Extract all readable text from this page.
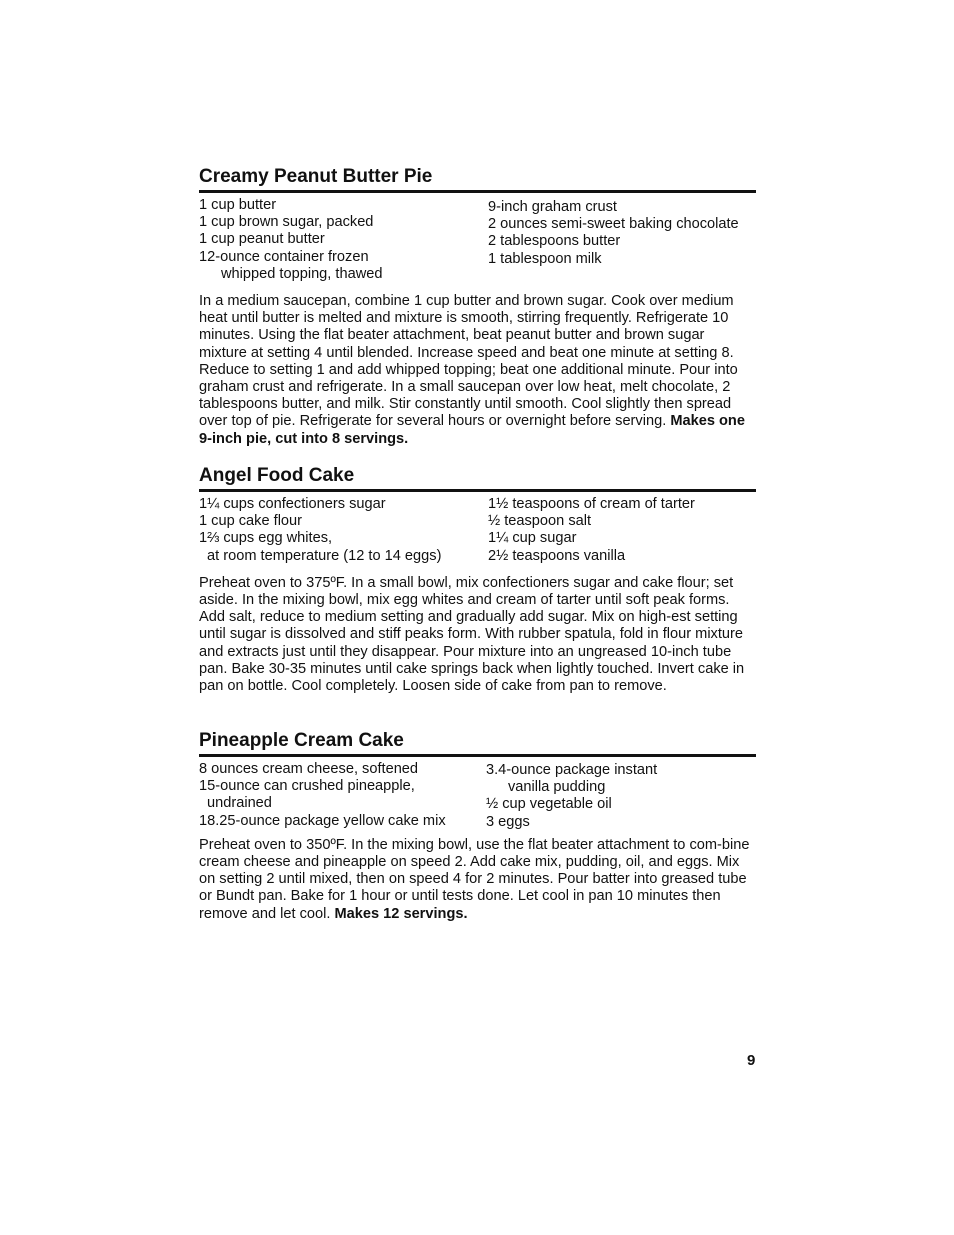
Creamy Peanut Butter Pie
1 cup butter
1 cup brown sugar, packed
1 cup peanut butter
12-ounce container frozen
whipped topping, thawed
9-inch graham crust
2 ounces semi-sweet baking chocolate
2 tablespoons butter
1 tablespoon milk

In a medium saucepan, combine 1 cup butter and brown sugar. Cook over medium heat until butter is melted and mixture is smooth, stirring frequently. Refrigerate 10 minutes. Using the flat beater attachment, beat peanut butter and brown sugar mixture at setting 4 until blended. Increase speed and beat one minute at setting 8. Reduce to setting 1 and add whipped topping; beat one additional minute. Pour into graham crust and refrigerate. In a small saucepan over low heat, melt chocolate, 2 tablespoons butter, and milk. Stir constantly until smooth. Cool slightly then spread over top of pie. Refrigerate for several hours or overnight before serving. Makes one 9-inch pie, cut into 8 servings.

Angel Food Cake
1¼ cups confectioners sugar
1 cup cake flour
1⅔ cups egg whites,
at room temperature (12 to 14 eggs)
1½ teaspoons of cream of tarter
½ teaspoon salt
1¼ cup sugar
2½ teaspoons vanilla

Preheat oven to 375ºF. In a small bowl, mix confectioners sugar and cake flour; set aside. In the mixing bowl, mix egg whites and cream of tarter until soft peak forms. Add salt, reduce to medium setting and gradually add sugar. Mix on high-est setting until sugar is dissolved and stiff peaks form. With rubber spatula, fold in flour mixture and extracts just until they disappear. Pour mixture into an ungreased 10-inch tube pan. Bake 30-35 minutes until cake springs back when lightly touched. Invert cake in pan on bottle. Cool completely. Loosen side of cake from pan to remove.

Pineapple Cream Cake
8 ounces cream cheese, softened
15-ounce can crushed pineapple,
undrained
18.25-ounce package yellow cake mix
3.4-ounce package instant
vanilla pudding
½ cup vegetable oil
3 eggs

Preheat oven to 350ºF. In the mixing bowl, use the flat beater attachment to com-bine cream cheese and pineapple on speed 2. Add cake mix, pudding, oil, and eggs. Mix on setting 2 until mixed, then on speed 4 for 2 minutes. Pour batter into greased tube or Bundt pan. Bake for 1 hour or until tests done. Let cool in pan 10 minutes then remove and let cool. Makes 12 servings.

9
